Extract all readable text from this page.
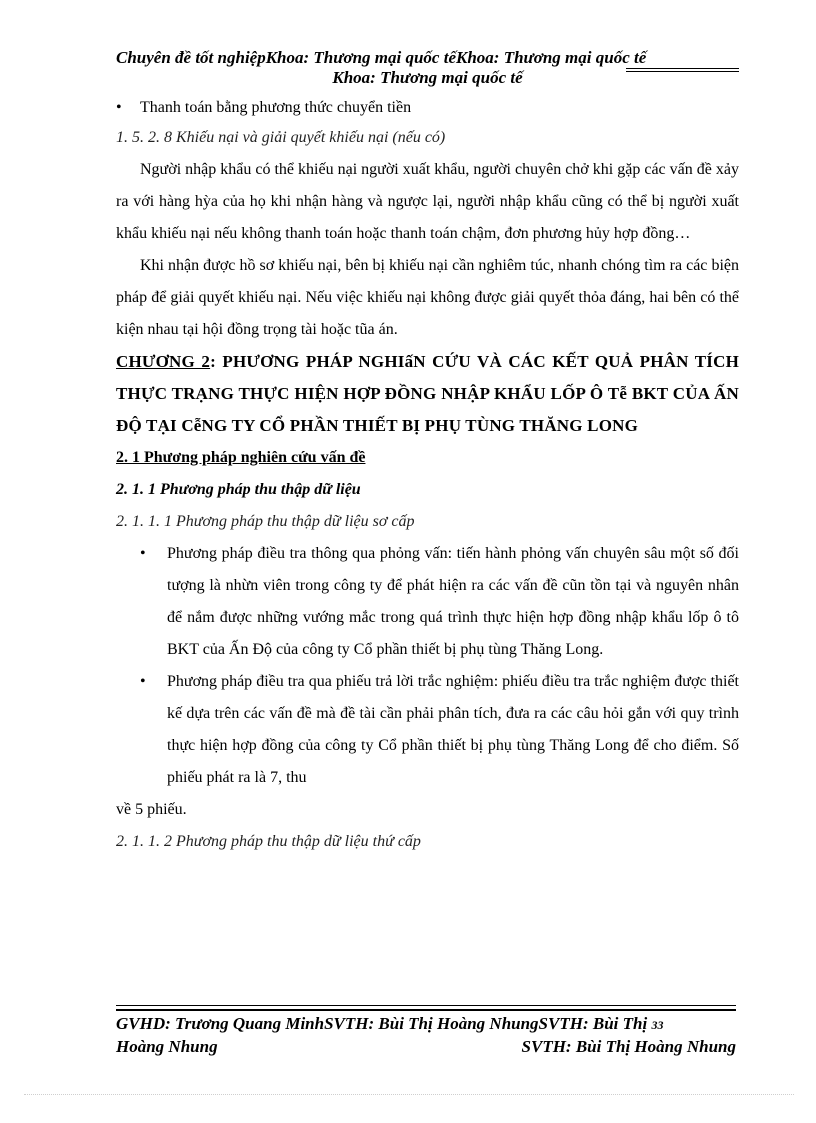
Chuyên đề tốt nghiệpKhoa: Thương mại quốc tếKhoa: Thương mại quốc tế
Khoa: Thương mại quốc tế
• Thanh toán bằng phương thức chuyển tiền

1. 5. 2. 8 Khiếu nại và giải quyết khiếu nại (nếu có)

Người nhập khẩu có thể khiếu nại người xuất khẩu, người chuyên chở khi gặp các vấn đề xảy ra với hàng hỳa của họ khi nhận hàng và ngược lại, người nhập khẩu cũng có thể bị người xuất khẩu khiếu nại nếu không thanh toán hoặc thanh toán chậm, đơn phương hủy hợp đồng…

Khi nhận được hồ sơ khiếu nại, bên bị khiếu nại cần nghiêm túc, nhanh chóng tìm ra các biện pháp để giải quyết khiếu nại. Nếu việc khiếu nại không được giải quyết thỏa đáng, hai bên có thể kiện nhau tại hội đồng trọng tài hoặc tũa án.

CHƯƠNG 2: PHƯƠNG PHÁP NGHIấN CỨU VÀ CÁC KẾT QUẢ PHÂN TÍCH THỰC TRẠNG THỰC HIỆN HỢP ĐỒNG NHẬP KHẨU LỐP Ô Tễ BKT CỦA ẤN ĐỘ TẠI CễNG TY CỔ PHẦN THIẾT BỊ PHỤ TÙNG THĂNG LONG

2. 1 Phương pháp nghiên cứu vấn đề

2. 1. 1 Phương pháp thu thập dữ liệu

2. 1. 1. 1 Phương pháp thu thập dữ liệu sơ cấp

• Phương pháp điều tra thông qua phỏng vấn: tiến hành phỏng vấn chuyên sâu một số đối tượng là nhừn viên trong công ty để phát hiện ra các vấn đề cũn tồn tại và nguyên nhân để nắm được những vướng mắc trong quá trình thực hiện hợp đồng nhập khẩu lốp ô tô BKT của Ấn Độ của công ty Cổ phần thiết bị phụ tùng Thăng Long.
• Phương pháp điều tra qua phiếu trả lời trắc nghiệm: phiếu điều tra trắc nghiệm được thiết kế dựa trên các vấn đề mà đề tài cần phải phân tích, đưa ra các câu hỏi gắn với quy trình thực hiện hợp đồng của công ty Cổ phần thiết bị phụ tùng Thăng Long để cho điểm. Số phiếu phát ra là 7, thu

về 5 phiếu.

2. 1. 1. 2 Phương pháp thu thập dữ liệu thứ cấp

GVHD: Trương Quang MinhSVTH: Bùi Thị Hoàng NhungSVTH: Bùi Thị 33
Hoàng Nhung	SVTH: Bùi Thị Hoàng Nhung
